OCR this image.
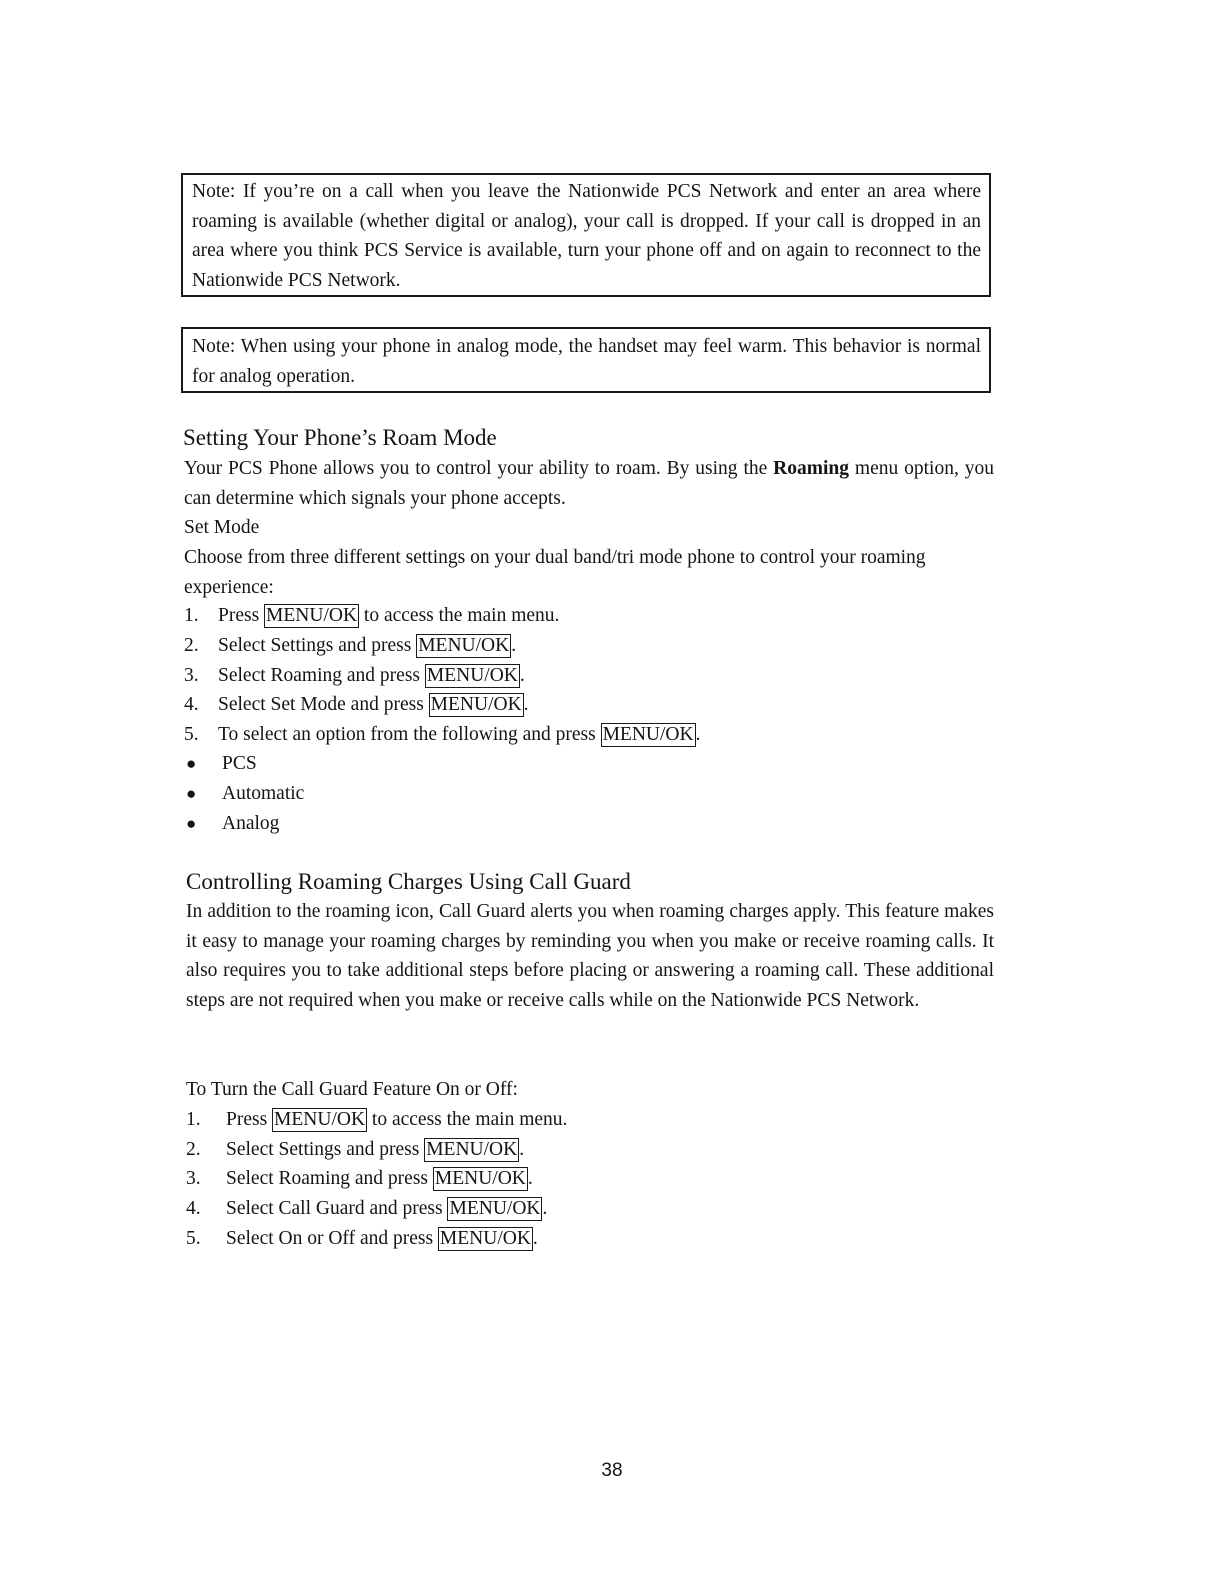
Note: If you’re on a call when you leave the Nationwide PCS Network and enter an area where roaming is available (whether digital or analog), your call is dropped. If your call is dropped in an area where you think PCS Service is available, turn your phone off and on again to reconnect to the Nationwide PCS Network.

Note: When using your phone in analog mode, the handset may feel warm. This behavior is normal for analog operation.

Setting Your Phone’s Roam Mode
Your PCS Phone allows you to control your ability to roam. By using the Roaming menu option, you can determine which signals your phone accepts.
Set Mode
Choose from three different settings on your dual band/tri mode phone to control your roaming experience:
1. Press MENU/OK to access the main menu.
2. Select Settings and press MENU/OK .
3. Select Roaming and press MENU/OK .
4. Select Set Mode and press MENU/OK .
5. To select an option from the following and press MENU/OK .
● PCS
● Automatic
● Analog
Controlling Roaming Charges Using Call Guard
In addition to the roaming icon, Call Guard alerts you when roaming charges apply. This feature makes it easy to manage your roaming charges by reminding you when you make or receive roaming calls. It also requires you to take additional steps before placing or answering a roaming call. These additional steps are not required when you make or receive calls while on the Nationwide PCS Network.
To Turn the Call Guard Feature On or Off:
1. Press MENU/OK to access the main menu.
2. Select Settings and press MENU/OK .
3. Select Roaming and press MENU/OK .
4. Select Call Guard and press MENU/OK .
5. Select On or Off and press MENU/OK .
38
